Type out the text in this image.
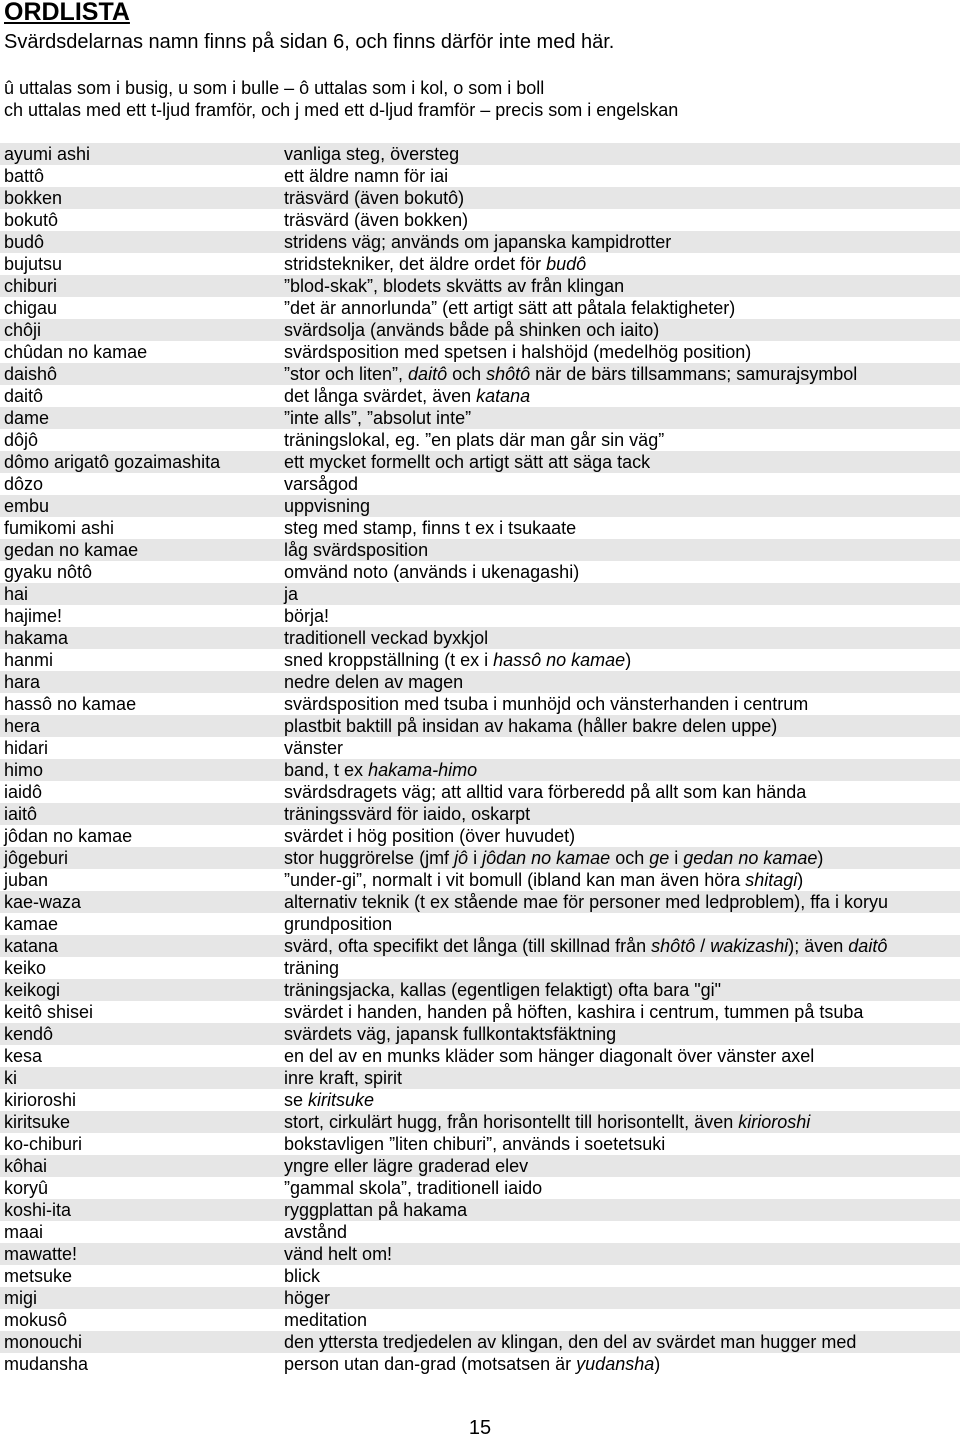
ORDLISTA
Svärdsdelarnas namn finns på sidan 6, och finns därför inte med här.
û uttalas som i busig, u som i bulle – ô uttalas som i kol, o som i boll
ch uttalas med ett t-ljud framför, och j med ett d-ljud framför – precis som i engelskan
ayumi ashi	vanliga steg, översteg
battô	ett äldre namn för iai
bokken	träsvärd (även bokutô)
bokutô	träsvärd (även bokken)
budô	stridens väg; används om japanska kampidrotter
bujutsu	stridstekniker, det äldre ordet för budô
chiburi	”blod-skak”, blodets skvätts av från klingan
chigau	”det är annorlunda” (ett artigt sätt att påtala felaktigheter)
chôji	svärdsolja (används både på shinken och iaito)
chûdan no kamae	svärdsposition med spetsen i halshöjd (medelhög position)
daishô	”stor och liten”, daitô och shôtô när de bärs tillsammans; samurajsymbol
daitô	det långa svärdet, även katana
dame	”inte alls”, ”absolut inte”
dôjô	träningslokal, eg. ”en plats där man går sin väg”
dômo arigatô gozaimashita	ett mycket formellt och artigt sätt att säga tack
dôzo	varsågod
embu	uppvisning
fumikomi ashi	steg med stamp, finns t ex i tsukaate
gedan no kamae	låg svärdsposition
gyaku nôtô	omvänd noto (används i ukenagashi)
hai	ja
hajime!	börja!
hakama	traditionell veckad byxkjol
hanmi	sned kroppställning (t ex i hassô no kamae)
hara	nedre delen av magen
hassô no kamae	svärdsposition med tsuba i munhöjd och vänsterhanden i centrum
hera	plastbit baktill på insidan av hakama (håller bakre delen uppe)
hidari	vänster
himo	band, t ex hakama-himo
iaidô	svärdsdragets väg; att alltid vara förberedd på allt som kan hända
iaitô	träningssvärd för iaido, oskarpt
jôdan no kamae	svärdet i hög position (över huvudet)
jôgeburi	stor huggrörelse (jmf jô i jôdan no kamae och ge i gedan no kamae)
juban	”under-gi”, normalt i vit bomull (ibland kan man även höra shitagi)
kae-waza	alternativ teknik (t ex stående mae för personer med ledproblem), ffa i koryu
kamae	grundposition
katana	svärd, ofta specifikt det långa (till skillnad från shôtô / wakizashi); även daitô
keiko	träning
keikogi	träningsjacka, kallas (egentligen felaktigt) ofta bara "gi"
keitô shisei	svärdet i handen, handen på höften, kashira i centrum, tummen på tsuba
kendô	svärdets väg, japansk fullkontaktsfäktning
kesa	en del av en munks kläder som hänger diagonalt över vänster axel
ki	inre kraft, spirit
kirioroshi	se kiritsuke
kiritsuke	stort, cirkulärt hugg, från horisontellt till horisontellt, även kirioroshi
ko-chiburi	bokstavligen ”liten chiburi”, används i soetetsuki
kôhai	yngre eller lägre graderad elev
koryû	”gammal skola”, traditionell iaido
koshi-ita	ryggplattan på hakama
maai	avstånd
mawatte!	vänd helt om!
metsuke	blick
migi	höger
mokusô	meditation
monouchi	den yttersta tredjedelen av klingan, den del av svärdet man hugger med
mudansha	person utan dan-grad (motsatsen är yudansha)
15
